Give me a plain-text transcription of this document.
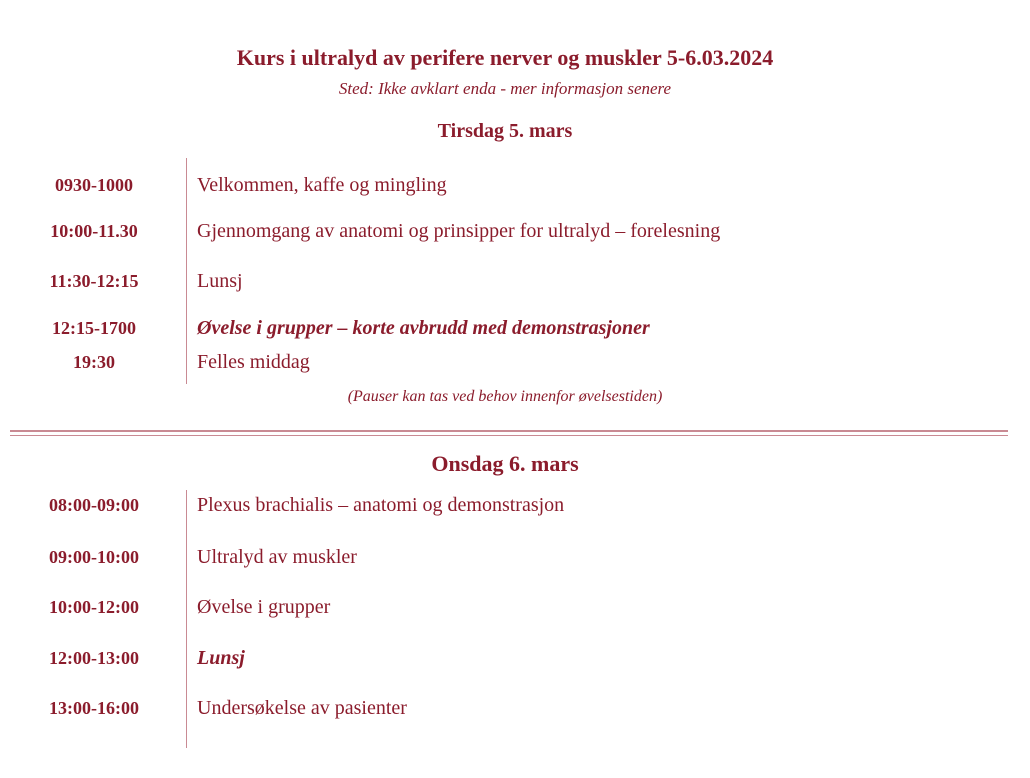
Kurs i ultralyd av perifere nerver og muskler 5-6.03.2024
Sted: Ikke avklart enda - mer informasjon senere
Tirsdag 5. mars
0930-1000	Velkommen, kaffe og mingling
10:00-11.30	Gjennomgang av anatomi og prinsipper for ultralyd – forelesning
11:30-12:15	Lunsj
12:15-1700	Øvelse i grupper – korte avbrudd med demonstrasjoner
19:30	Felles middag
(Pauser kan tas ved behov innenfor øvelsestiden)
Onsdag 6. mars
08:00-09:00	Plexus brachialis – anatomi og demonstrasjon
09:00-10:00	Ultralyd av muskler
10:00-12:00	Øvelse i grupper
12:00-13:00	Lunsj
13:00-16:00	Undersøkelse av pasienter
